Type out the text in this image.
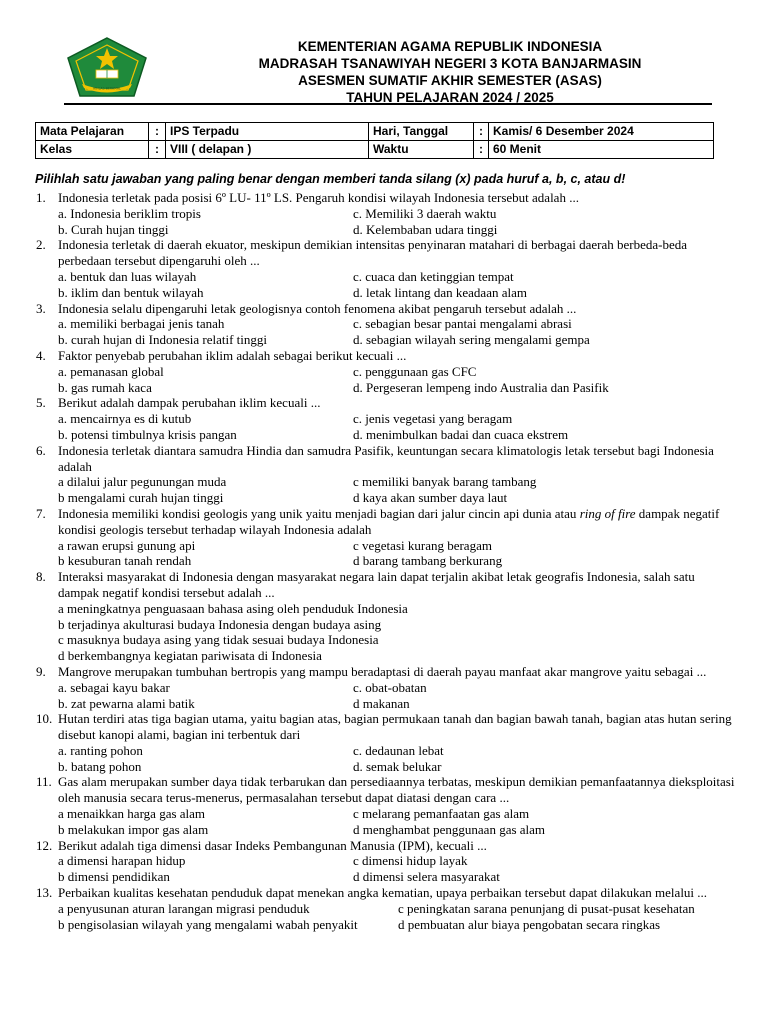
IKHLAS BERAMAL
KEMENTERIAN AGAMA REPUBLIK INDONESIA
MADRASAH TSANAWIYAH NEGERI 3 KOTA BANJARMASIN
ASESMEN SUMATIF AKHIR SEMESTER (ASAS)
TAHUN PELAJARAN 2024 / 2025
Mata Pelajaran	:	IPS Terpadu	Hari, Tanggal	:	Kamis/ 6 Desember 2024
Kelas	:	VIII ( delapan )	Waktu	:	60 Menit
Pilihlah satu jawaban yang paling benar dengan memberi tanda silang (x) pada huruf a, b, c, atau d!
1. Indonesia terletak pada posisi 6º LU- 11º LS. Pengaruh kondisi wilayah Indonesia tersebut adalah ...
a. Indonesia beriklim tropis	c. Memiliki 3 daerah waktu
b. Curah hujan tinggi	d. Kelembaban udara tinggi
2. Indonesia terletak di daerah ekuator, meskipun demikian intensitas penyinaran matahari di berbagai daerah berbeda-beda perbedaan tersebut dipengaruhi oleh ...
a. bentuk dan luas wilayah	c. cuaca dan ketinggian tempat
b. iklim dan bentuk wilayah	d. letak lintang dan keadaan alam
3. Indonesia selalu dipengaruhi letak geologisnya contoh fenomena akibat pengaruh tersebut adalah ...
a. memiliki berbagai jenis tanah	c. sebagian besar pantai mengalami abrasi
b. curah hujan di Indonesia relatif tinggi	d. sebagian wilayah sering mengalami gempa
4. Faktor penyebab perubahan iklim adalah sebagai berikut kecuali ...
a. pemanasan global	c. penggunaan gas CFC
b. gas rumah kaca	d. Pergeseran lempeng indo Australia dan Pasifik
5. Berikut adalah dampak perubahan iklim kecuali ...
a. mencairnya es di kutub	c. jenis vegetasi yang beragam
b. potensi timbulnya krisis pangan	d. menimbulkan badai dan cuaca ekstrem
6. Indonesia terletak diantara samudra Hindia dan samudra Pasifik, keuntungan secara klimatologis letak tersebut bagi Indonesia adalah
a dilalui jalur pegunungan muda	c memiliki banyak barang tambang
b mengalami curah hujan tinggi	d kaya akan sumber daya laut
7. Indonesia memiliki kondisi geologis yang unik yaitu menjadi bagian dari jalur cincin api dunia atau ring of fire dampak negatif kondisi geologis tersebut terhadap wilayah Indonesia adalah
a rawan erupsi gunung api	c vegetasi kurang beragam
b kesuburan tanah rendah	d barang tambang berkurang
8. Interaksi masyarakat di Indonesia dengan masyarakat negara lain dapat terjalin akibat letak geografis Indonesia, salah satu dampak negatif kondisi tersebut adalah ...
a meningkatnya penguasaan bahasa asing oleh penduduk Indonesia
b terjadinya akulturasi budaya Indonesia dengan budaya asing
c masuknya budaya asing yang tidak sesuai budaya Indonesia
d berkembangnya kegiatan pariwisata di Indonesia
9. Mangrove merupakan tumbuhan bertropis yang mampu beradaptasi di daerah payau manfaat akar mangrove yaitu sebagai ...
a. sebagai kayu bakar	c. obat-obatan
b. zat pewarna alami batik	d makanan
10. Hutan terdiri atas tiga bagian utama, yaitu bagian atas, bagian permukaan tanah dan bagian bawah tanah, bagian atas hutan sering disebut kanopi alami, bagian ini terbentuk dari
a. ranting pohon	c. dedaunan lebat
b. batang pohon	d. semak belukar
11. Gas alam merupakan sumber daya tidak terbarukan dan persediaannya terbatas, meskipun demikian pemanfaatannya dieksploitasi oleh manusia secara terus-menerus, permasalahan tersebut dapat diatasi dengan cara ...
a menaikkan harga gas alam	c melarang pemanfaatan gas alam
b melakukan impor gas alam	d menghambat penggunaan gas alam
12. Berikut adalah tiga dimensi dasar Indeks Pembangunan Manusia (IPM), kecuali ...
a dimensi harapan hidup	c dimensi hidup layak
b dimensi pendidikan	d dimensi selera masyarakat
13. Perbaikan kualitas kesehatan penduduk dapat menekan angka kematian, upaya perbaikan tersebut dapat dilakukan melalui ...
a penyusunan aturan larangan migrasi penduduk	c peningkatan sarana penunjang di pusat-pusat kesehatan
b pengisolasian wilayah yang mengalami wabah penyakit	d pembuatan alur biaya pengobatan secara ringkas
